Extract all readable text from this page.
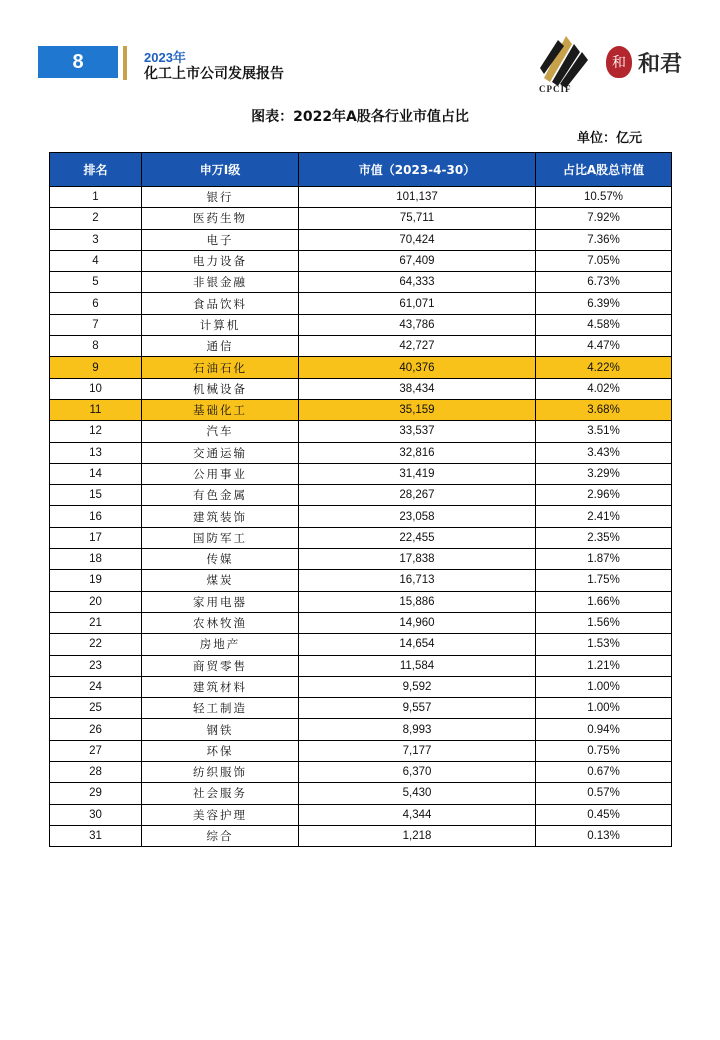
8	2023年
化工上市公司发展报告
CPCIF
和 和君
图表：2022年A股各行业市值占比
单位：亿元
排名	申万I级	市值（2023-4-30）	占比A股总市值
1	银行	101,137	10.57%
2	医药生物	75,711	7.92%
3	电子	70,424	7.36%
4	电力设备	67,409	7.05%
5	非银金融	64,333	6.73%
6	食品饮料	61,071	6.39%
7	计算机	43,786	4.58%
8	通信	42,727	4.47%
9	石油石化	40,376	4.22%
10	机械设备	38,434	4.02%
11	基础化工	35,159	3.68%
12	汽车	33,537	3.51%
13	交通运输	32,816	3.43%
14	公用事业	31,419	3.29%
15	有色金属	28,267	2.96%
16	建筑装饰	23,058	2.41%
17	国防军工	22,455	2.35%
18	传媒	17,838	1.87%
19	煤炭	16,713	1.75%
20	家用电器	15,886	1.66%
21	农林牧渔	14,960	1.56%
22	房地产	14,654	1.53%
23	商贸零售	11,584	1.21%
24	建筑材料	9,592	1.00%
25	轻工制造	9,557	1.00%
26	钢铁	8,993	0.94%
27	环保	7,177	0.75%
28	纺织服饰	6,370	0.67%
29	社会服务	5,430	0.57%
30	美容护理	4,344	0.45%
31	综合	1,218	0.13%
